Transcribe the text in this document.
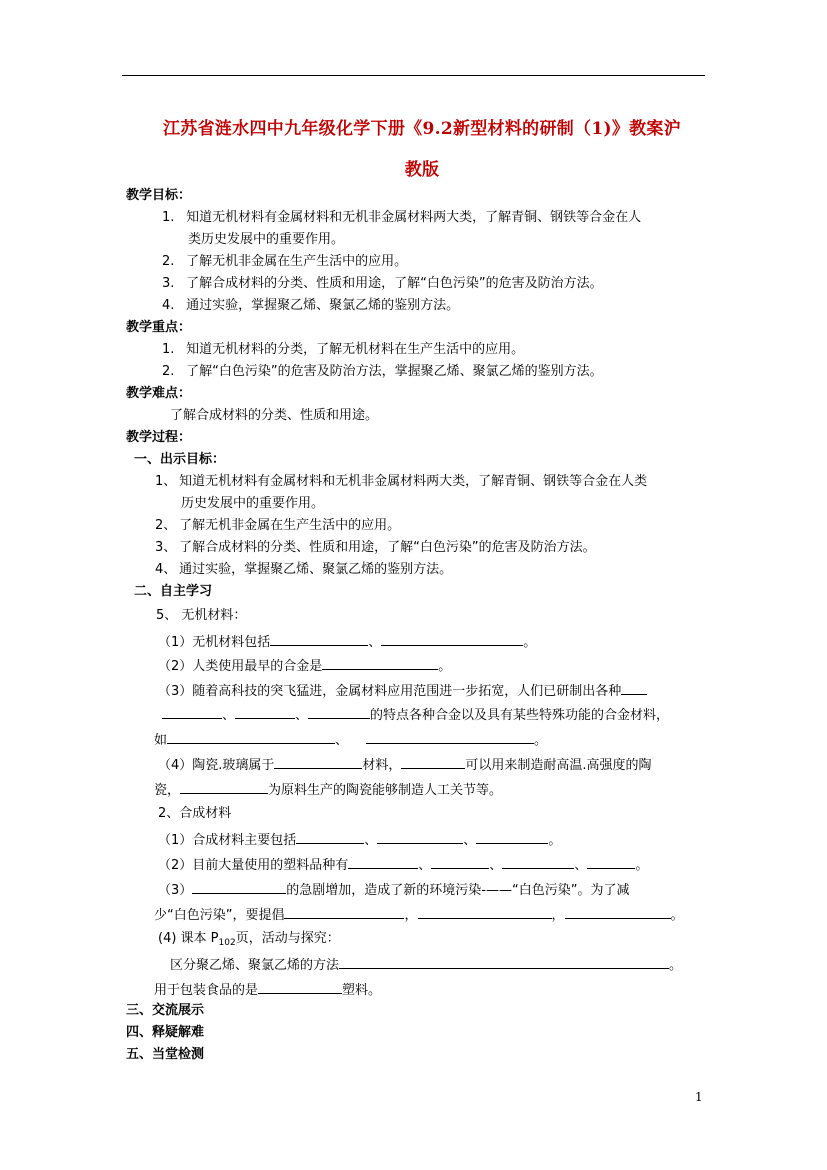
江苏省涟水四中九年级化学下册《9.2新型材料的研制（1)》教案沪
教版
教学目标：
1. 知道无机材料有金属材料和无机非金属材料两大类，了解青铜、钢铁等合金在人
类历史发展中的重要作用。
2. 了解无机非金属在生产生活中的应用。
3. 了解合成材料的分类、性质和用途，了解“白色污染”的危害及防治方法。
4. 通过实验，掌握聚乙烯、聚氯乙烯的鉴别方法。
教学重点：
1. 知道无机材料的分类，了解无机材料在生产生活中的应用。
2. 了解“白色污染”的危害及防治方法，掌握聚乙烯、聚氯乙烯的鉴别方法。
教学难点：
了解合成材料的分类、性质和用途。
教学过程：
一、出示目标：
1、 知道无机材料有金属材料和无机非金属材料两大类，了解青铜、钢铁等合金在人类
历史发展中的重要作用。
2、 了解无机非金属在生产生活中的应用。
3、 了解合成材料的分类、性质和用途，了解“白色污染”的危害及防治方法。
4、 通过实验，掌握聚乙烯、聚氯乙烯的鉴别方法。
二、自主学习
5、 无机材料：
（1）无机材料包括	、	。
（2）人类使用最早的合金是	。
（3）随着高科技的突飞猛进，金属材料应用范围进一步拓宽，人们已研制出各种
、	、	的特点各种合金以及具有某些特殊功能的合金材料，
如	、	。
（4）陶瓷.玻璃属于	材料，	可以用来制造耐高温.高强度的陶
瓷，	为原料生产的陶瓷能够制造人工关节等。
2、合成材料
（1）合成材料主要包括	、	、	。
（2）目前大量使用的塑料品种有	、	、	、	。
（3）	的急剧增加，造成了新的环境污染-——“白色污染”。为了减
少“白色污染”，要提倡	，	，	。
(4) 课本 $P_{102}$页，活动与探究：
区分聚乙烯、聚氯乙烯的方法	。
用于包装食品的是	塑料。
三、交流展示
四、释疑解难
五、当堂检测
1
